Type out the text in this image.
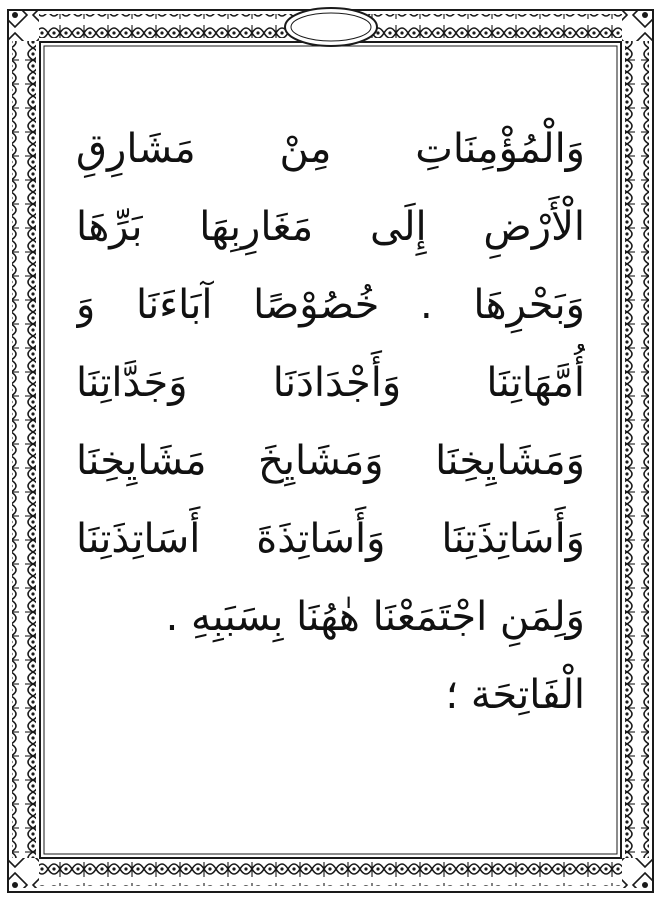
وَالْمُؤْمِنَاتِ مِنْ مَشَارِقِ
الْأَرْضِ إِلَى مَغَارِبِهَا بَرِّهَا
وَبَحْرِهَا . خُصُوْصًا آبَاءَنَا وَ
أُمَّهَاتِنَا وَأَجْدَادَنَا وَجَدَّاتِنَا
وَمَشَايِخِنَا وَمَشَايِخَ مَشَايِخِنَا
وَأَسَاتِذَتِنَا وَأَسَاتِذَةَ أَسَاتِذَتِنَا
وَلِمَنِ اجْتَمَعْنَا هٰهُنَا بِسَبَبِهِ .
الْفَاتِحَة ؛
